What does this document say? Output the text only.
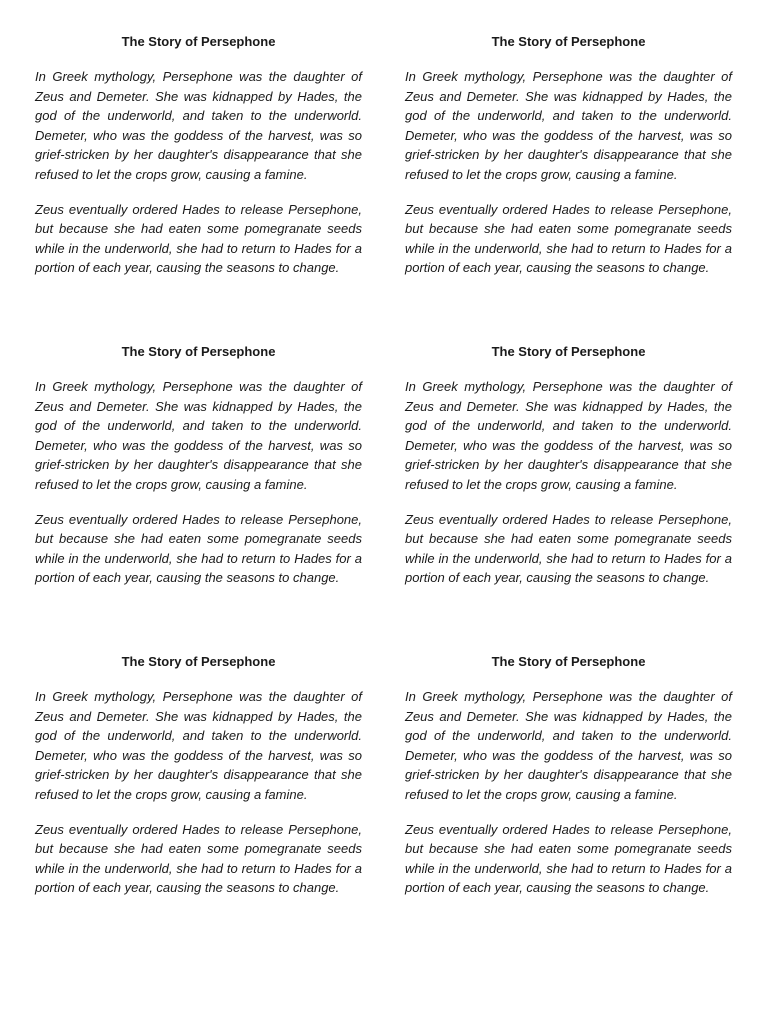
The Story of Persephone

In Greek mythology, Persephone was the daughter of Zeus and Demeter. She was kidnapped by Hades, the god of the underworld, and taken to the underworld. Demeter, who was the goddess of the harvest, was so grief-stricken by her daughter's disappearance that she refused to let the crops grow, causing a famine.

Zeus eventually ordered Hades to release Persephone, but because she had eaten some pomegranate seeds while in the underworld, she had to return to Hades for a portion of each year, causing the seasons to change.

The Story of Persephone

In Greek mythology, Persephone was the daughter of Zeus and Demeter. She was kidnapped by Hades, the god of the underworld, and taken to the underworld. Demeter, who was the goddess of the harvest, was so grief-stricken by her daughter's disappearance that she refused to let the crops grow, causing a famine.

Zeus eventually ordered Hades to release Persephone, but because she had eaten some pomegranate seeds while in the underworld, she had to return to Hades for a portion of each year, causing the seasons to change.

The Story of Persephone

In Greek mythology, Persephone was the daughter of Zeus and Demeter. She was kidnapped by Hades, the god of the underworld, and taken to the underworld. Demeter, who was the goddess of the harvest, was so grief-stricken by her daughter's disappearance that she refused to let the crops grow, causing a famine.

Zeus eventually ordered Hades to release Persephone, but because she had eaten some pomegranate seeds while in the underworld, she had to return to Hades for a portion of each year, causing the seasons to change.

The Story of Persephone

In Greek mythology, Persephone was the daughter of Zeus and Demeter. She was kidnapped by Hades, the god of the underworld, and taken to the underworld. Demeter, who was the goddess of the harvest, was so grief-stricken by her daughter's disappearance that she refused to let the crops grow, causing a famine.

Zeus eventually ordered Hades to release Persephone, but because she had eaten some pomegranate seeds while in the underworld, she had to return to Hades for a portion of each year, causing the seasons to change.

The Story of Persephone

In Greek mythology, Persephone was the daughter of Zeus and Demeter. She was kidnapped by Hades, the god of the underworld, and taken to the underworld. Demeter, who was the goddess of the harvest, was so grief-stricken by her daughter's disappearance that she refused to let the crops grow, causing a famine.

Zeus eventually ordered Hades to release Persephone, but because she had eaten some pomegranate seeds while in the underworld, she had to return to Hades for a portion of each year, causing the seasons to change.

The Story of Persephone

In Greek mythology, Persephone was the daughter of Zeus and Demeter. She was kidnapped by Hades, the god of the underworld, and taken to the underworld. Demeter, who was the goddess of the harvest, was so grief-stricken by her daughter's disappearance that she refused to let the crops grow, causing a famine.

Zeus eventually ordered Hades to release Persephone, but because she had eaten some pomegranate seeds while in the underworld, she had to return to Hades for a portion of each year, causing the seasons to change.
